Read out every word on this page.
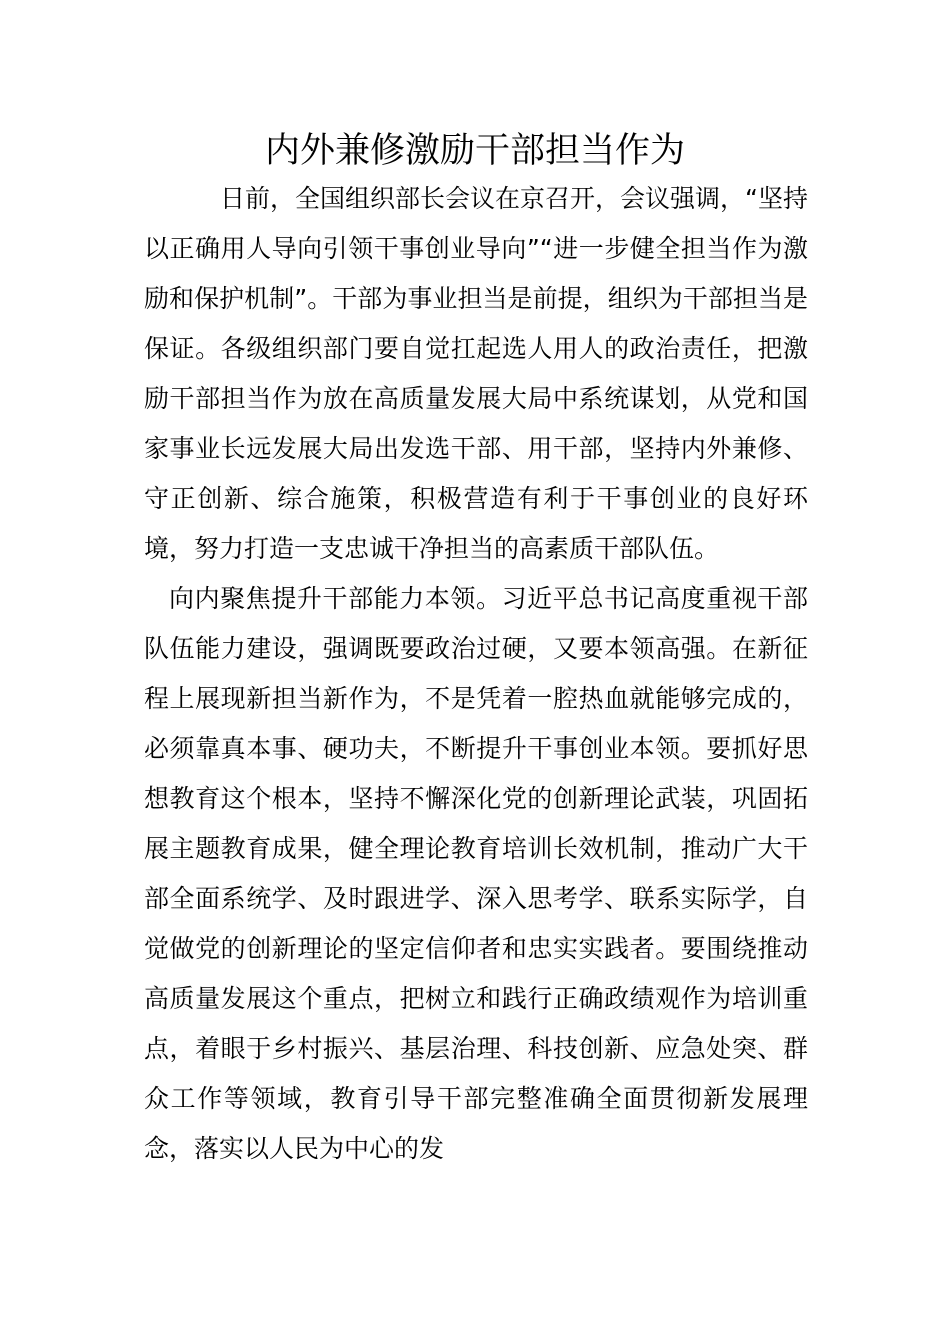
内外兼修激励干部担当作为

日前，全国组织部长会议在京召开，会议强调，“坚持以正确用人导向引领干事创业导向”“进一步健全担当作为激励和保护机制”。干部为事业担当是前提，组织为干部担当是保证。各级组织部门要自觉扛起选人用人的政治责任，把激励干部担当作为放在高质量发展大局中系统谋划，从党和国家事业长远发展大局出发选干部、用干部，坚持内外兼修、守正创新、综合施策，积极营造有利于干事创业的良好环境，努力打造一支忠诚干净担当的高素质干部队伍。

向内聚焦提升干部能力本领。习近平总书记高度重视干部队伍能力建设，强调既要政治过硬，又要本领高强。在新征程上展现新担当新作为，不是凭着一腔热血就能够完成的，必须靠真本事、硬功夫，不断提升干事创业本领。要抓好思想教育这个根本，坚持不懈深化党的创新理论武装，巩固拓展主题教育成果，健全理论教育培训长效机制，推动广大干部全面系统学、及时跟进学、深入思考学、联系实际学，自觉做党的创新理论的坚定信仰者和忠实实践者。要围绕推动高质量发展这个重点，把树立和践行正确政绩观作为培训重点，着眼于乡村振兴、基层治理、科技创新、应急处突、群众工作等领域，教育引导干部完整准确全面贯彻新发展理念，落实以人民为中心的发
